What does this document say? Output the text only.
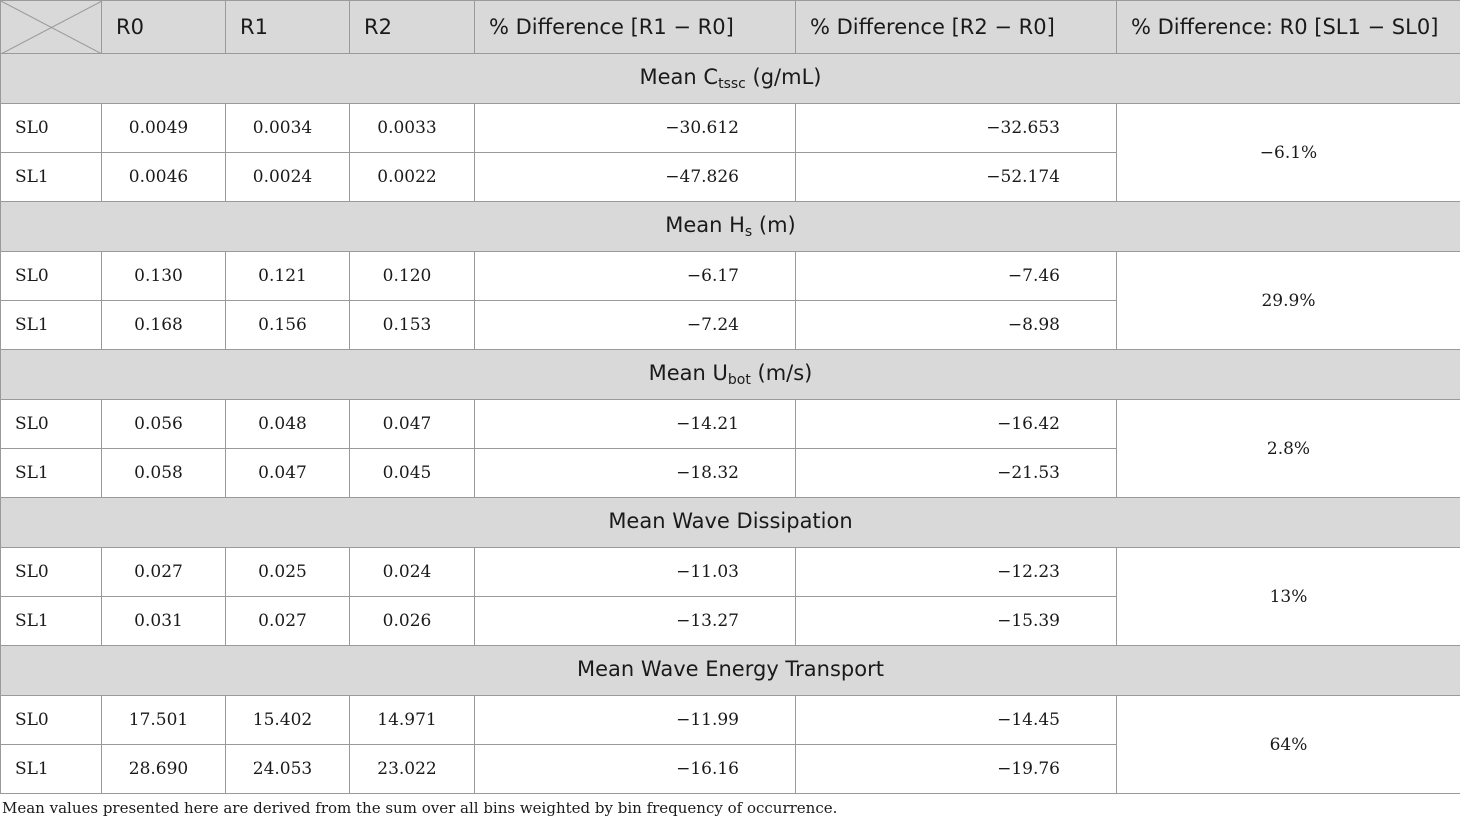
	R0	R1	R2	% Difference [R1 − R0]	% Difference [R2 − R0]	% Difference: R0 [SL1 − SL0]
Mean $C_{tssc}$ (g/mL)						
SL0	0.0049	0.0034	0.0033	−30.612	−32.653	−6.1%
SL1	0.0046	0.0024	0.0022	−47.826	−52.174	
Mean $H_s$ (m)						
SL0	0.130	0.121	0.120	−6.17	−7.46	29.9%
SL1	0.168	0.156	0.153	−7.24	−8.98	
Mean $U_{bot}$ (m/s)						
SL0	0.056	0.048	0.047	−14.21	−16.42	2.8%
SL1	0.058	0.047	0.045	−18.32	−21.53	
Mean Wave Dissipation						
SL0	0.027	0.025	0.024	−11.03	−12.23	13%
SL1	0.031	0.027	0.026	−13.27	−15.39	
Mean Wave Energy Transport						
SL0	17.501	15.402	14.971	−11.99	−14.45	64%
SL1	28.690	24.053	23.022	−16.16	−19.76	
Mean values presented here are derived from the sum over all bins weighted by bin frequency of occurrence.
